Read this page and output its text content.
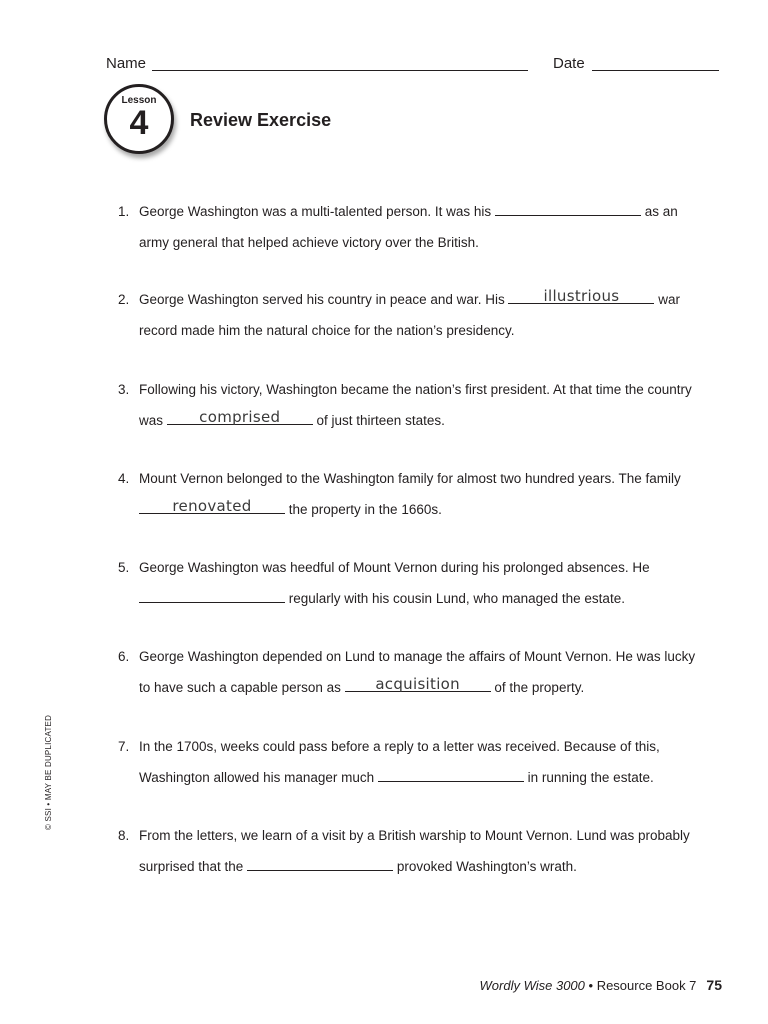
Name	Date
Lesson
4	Review Exercise
1. George Washington was a multi-talented person. It was his	as an army general that helped achieve victory over the British.
2. George Washington served his country in peace and war. His	illustrious	war record made him the natural choice for the nation’s presidency.
3. Following his victory, Washington became the nation’s first president. At that time the country was	comprised	of just thirteen states.
4. Mount Vernon belonged to the Washington family for almost two hundred years. The family
renovated	the property in the 1660s.
5. George Washington was heedful of Mount Vernon during his prolonged absences. He
regularly with his cousin Lund, who managed the estate.
6. George Washington depended on Lund to manage the affairs of Mount Vernon. He was lucky to have such a capable person as	acquisition	of the property.
7. In the 1700s, weeks could pass before a reply to a letter was received. Because of this, Washington allowed his manager much	in running the estate.
8. From the letters, we learn of a visit by a British warship to Mount Vernon. Lund was probably surprised that the	provoked Washington’s wrath.
© SSI • MAY BE DUPLICATED
Wordly Wise 3000 • Resource Book 7 75
